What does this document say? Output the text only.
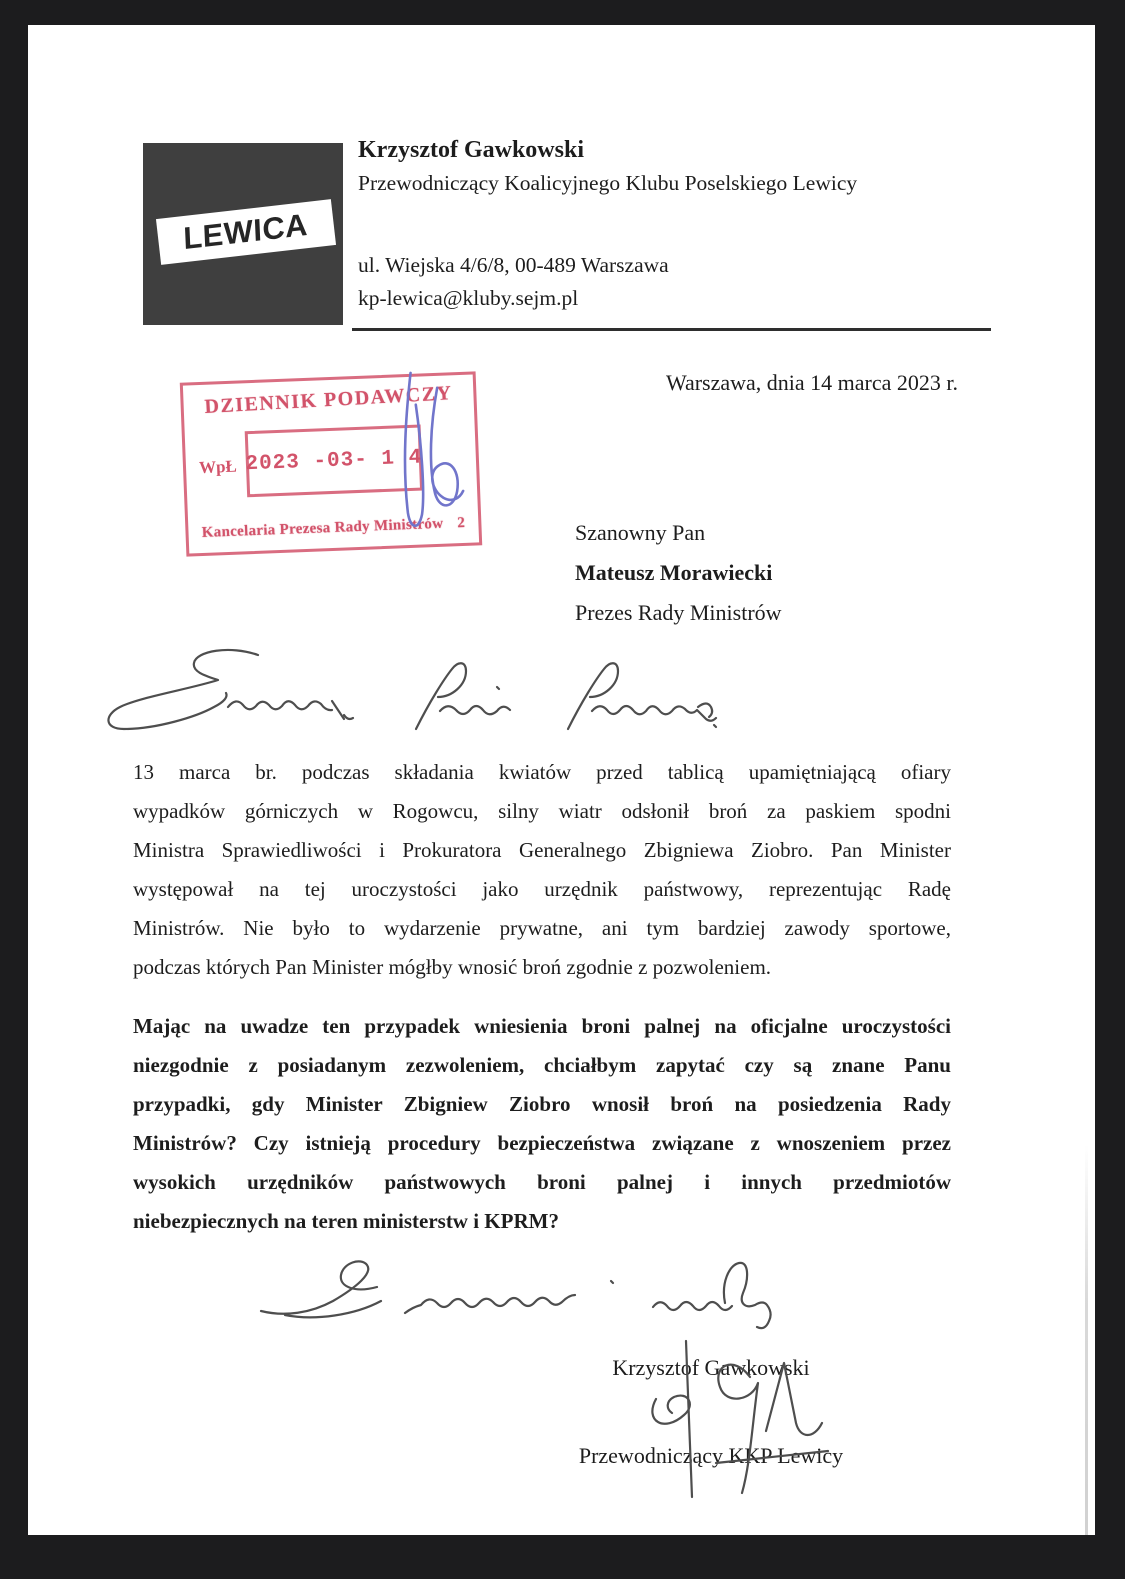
LEWICA
Krzysztof Gawkowski
Przewodniczący Koalicyjnego Klubu Poselskiego Lewicy
ul. Wiejska 4/6/8, 00-489 Warszawa
kp-lewica@kluby.sejm.pl
Warszawa, dnia 14 marca 2023 r.
DZIENNIK PODAWCZY
WpŁ 2023 -03- 1 4
Kancelaria Prezesa Rady Ministrów 2	Szanowny Pan
Mateusz Morawiecki
Prezes Rady Ministrów
13 marca br. podczas składania kwiatów przed tablicą upamiętniającą ofiary
wypadków górniczych w Rogowcu, silny wiatr odsłonił broń za paskiem spodni
Ministra Sprawiedliwości i Prokuratora Generalnego Zbigniewa Ziobro. Pan Minister
występował na tej uroczystości jako urzędnik państwowy, reprezentując Radę
Ministrów. Nie było to wydarzenie prywatne, ani tym bardziej zawody sportowe,
podczas których Pan Minister mógłby wnosić broń zgodnie z pozwoleniem.
Mając na uwadze ten przypadek wniesienia broni palnej na oficjalne uroczystości
niezgodnie z posiadanym zezwoleniem, chciałbym zapytać czy są znane Panu
przypadki, gdy Minister Zbigniew Ziobro wnosił broń na posiedzenia Rady
Ministrów? Czy istnieją procedury bezpieczeństwa związane z wnoszeniem przez
wysokich urzędników państwowych broni palnej i innych przedmiotów
niebezpiecznych na teren ministerstw i KPRM?
Krzysztof Gawkowski
Przewodniczący KKP Lewicy
